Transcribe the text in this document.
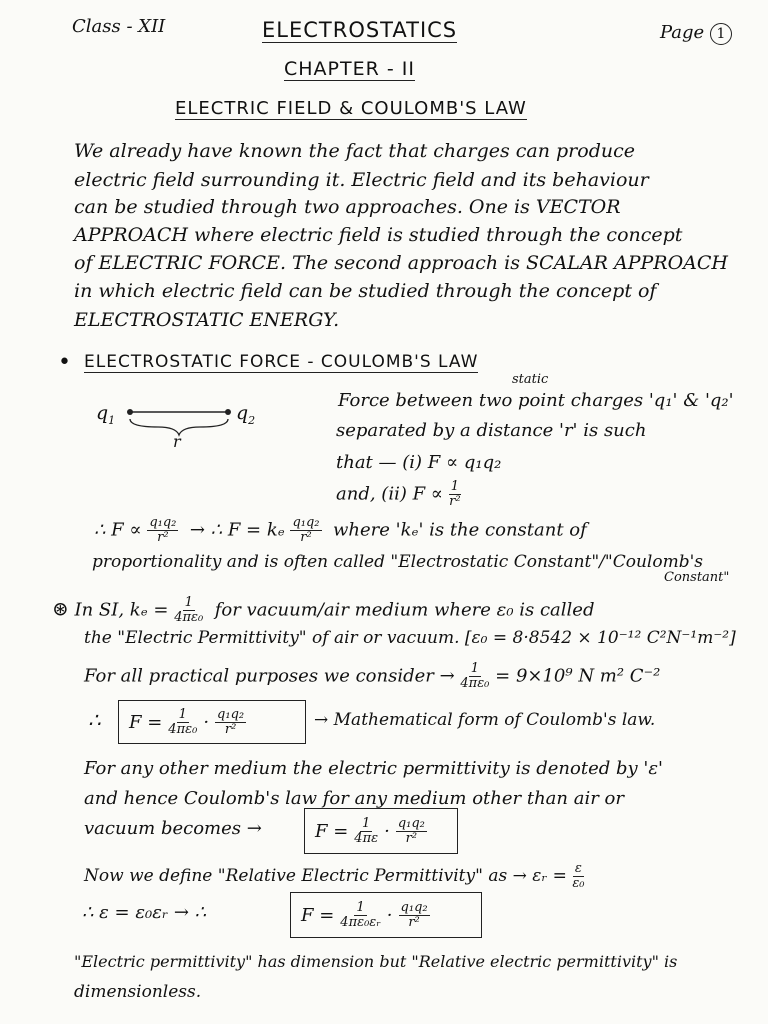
Class - XII	ELECTROSTATICS	Page 1
CHAPTER - II
ELECTRIC FIELD & COULOMB'S LAW
We already have known the fact that charges can produce
electric field surrounding it. Electric field and its behaviour
can be studied through two approaches. One is VECTOR
APPROACH where electric field is studied through the concept
of ELECTRIC FORCE. The second approach is SCALAR APPROACH
in which electric field can be studied through the concept of
ELECTROSTATIC ENERGY.
• ELECTROSTATIC FORCE - COULOMB'S LAW
$q_1$	$q_2$
r
static
Force between two point charges 'q₁' & 'q₂'
separated by a distance 'r' is such
that — (i) F ∝ q₁q₂
and, (ii) $F \propto \frac{1}{\text{r²}}$
∴ $F \propto \frac{\text{q₁q₂}}{\text{r²}}$ → ∴ F = kₑ $\frac{\text{q₁q₂}}{\text{r²}}$ where 'kₑ' is the constant of
proportionality and is often called "Electrostatic Constant"/"Coulomb's
Constant"
⊛ In SI, $k_e = \frac{1}{\text{4πε₀}}$ for vacuum/air medium where ε₀ is called
the "Electric Permittivity" of air or vacuum. [ε₀ = 8·8542 × 10⁻¹² C²N⁻¹m⁻²]
For all practical purposes we consider → $\frac{1}{\text{4πε₀}} = 9\times 10^9$ N m² C⁻²
∴ $F = \frac{1}{\text{4πε₀}} \cdot \frac{\text{q₁q₂}}{\text{r²}}$	→ Mathematical form of Coulomb's law.
For any other medium the electric permittivity is denoted by 'ε'
and hence Coulomb's law for any medium other than air or
vacuum becomes →	$F = \frac{1}{4\pi\varepsilon} \cdot \frac{\text{q₁q₂}}{\text{r²}}$
Now we define "Relative Electric Permittivity" as → εᵣ = $\frac{\varepsilon}{\text{ε₀}}$
∴ ε = ε₀εᵣ → ∴	$F = \frac{1}{\text{4πε₀εᵣ}} \cdot \frac{\text{q₁q₂}}{\text{r²}}$
"Electric permittivity" has dimension but "Relative electric permittivity" is
dimensionless.
